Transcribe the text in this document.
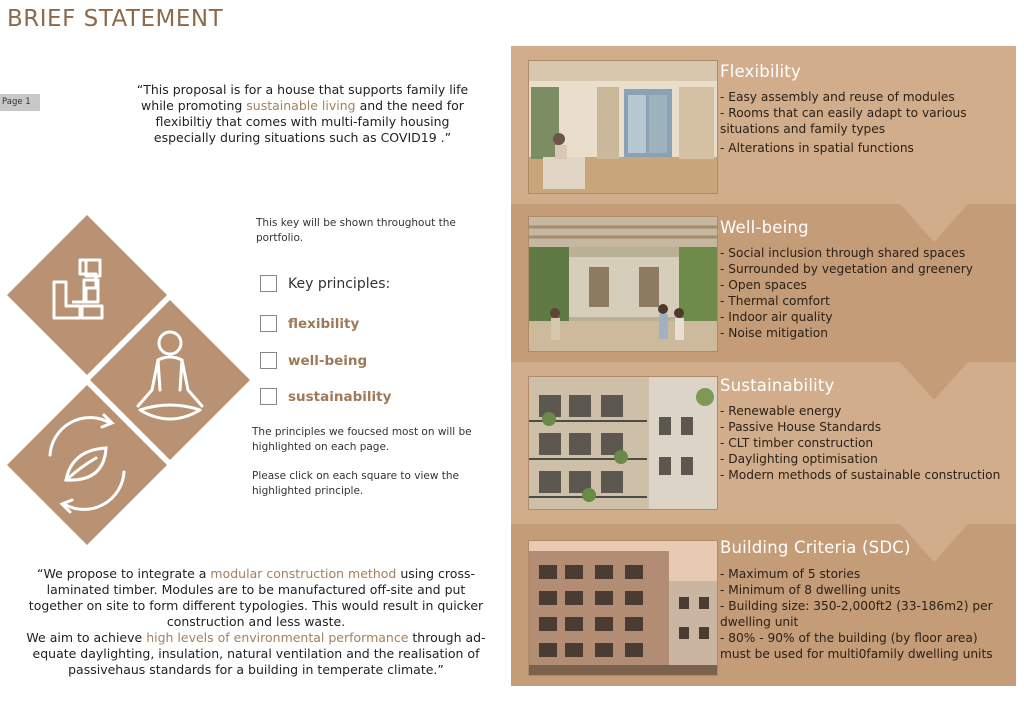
BRIEF STATEMENT
Page 1

“This proposal is for a house that supports family life while promoting sustainable living and the need for flexibiltiy that comes with multi-family housing especially during situations such as COVID19 .”

This key will be shown throughout the portfolio.

Key principles:
flexibility
well-being
sustainability

The principles we foucsed most on will be highlighted on each page.

Please click on each square to view the highlighted principle.

“We propose to integrate a modular construction method using cross-laminated timber. Modules are to be manufactured off-site and put together on site to form different typologies. This would result in quicker construction and less waste.
We aim to achieve high levels of environmental performance through ad- equate daylighting, insulation, natural ventilation and the realisation of passivehaus standards for a building in temperate climate.”

Flexibility
- Easy assembly and reuse of modules
- Rooms that can easily adapt to various situations and family types
- Alterations in spatial functions
Well-being
- Social inclusion through shared spaces
- Surrounded by vegetation and greenery
- Open spaces
- Thermal comfort
- Indoor air quality
- Noise mitigation
Sustainability
- Renewable energy
- Passive House Standards
- CLT timber construction
- Daylighting optimisation
- Modern methods of sustainable construction
Building Criteria (SDC)
- Maximum of 5 stories
- Minimum of 8 dwelling units
- Building size: 350-2,000ft2 (33-186m2) per dwelling unit
- 80% - 90% of the building (by floor area) must be used for multi0family dwelling units
